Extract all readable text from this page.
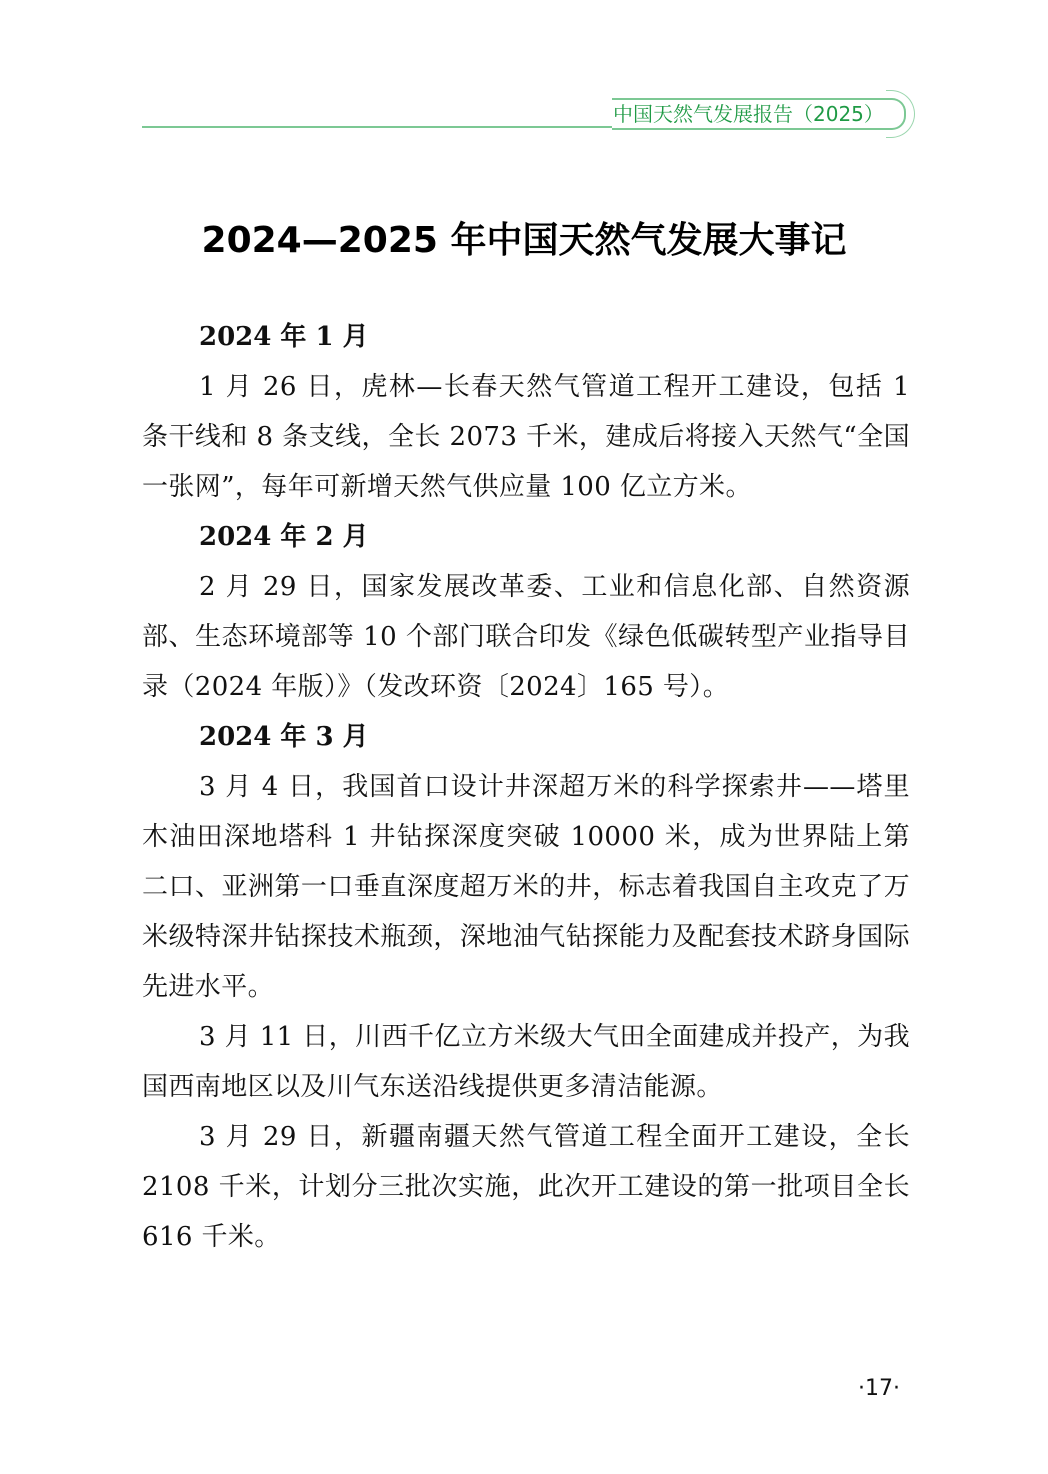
中国天然气发展报告（2025）
2024—2025 年中国天然气发展大事记

2024 年 1 月

1 月 26 日，虎林—长春天然气管道工程开工建设，包括 1 条干线和 8 条支线，全长 2073 千米，建成后将接入天然气“全国一张网”，每年可新增天然气供应量 100 亿立方米。

2024 年 2 月

2 月 29 日，国家发展改革委、工业和信息化部、自然资源部、生态环境部等 10 个部门联合印发《绿色低碳转型产业指导目录（2024 年版）》（发改环资〔2024〕165 号）。

2024 年 3 月

3 月 4 日，我国首口设计井深超万米的科学探索井——塔里木油田深地塔科 1 井钻探深度突破 10000 米，成为世界陆上第二口、亚洲第一口垂直深度超万米的井，标志着我国自主攻克了万米级特深井钻探技术瓶颈，深地油气钻探能力及配套技术跻身国际先进水平。

3 月 11 日，川西千亿立方米级大气田全面建成并投产，为我国西南地区以及川气东送沿线提供更多清洁能源。

3 月 29 日，新疆南疆天然气管道工程全面开工建设，全长 2108 千米，计划分三批次实施，此次开工建设的第一批项目全长 616 千米。

·17·
